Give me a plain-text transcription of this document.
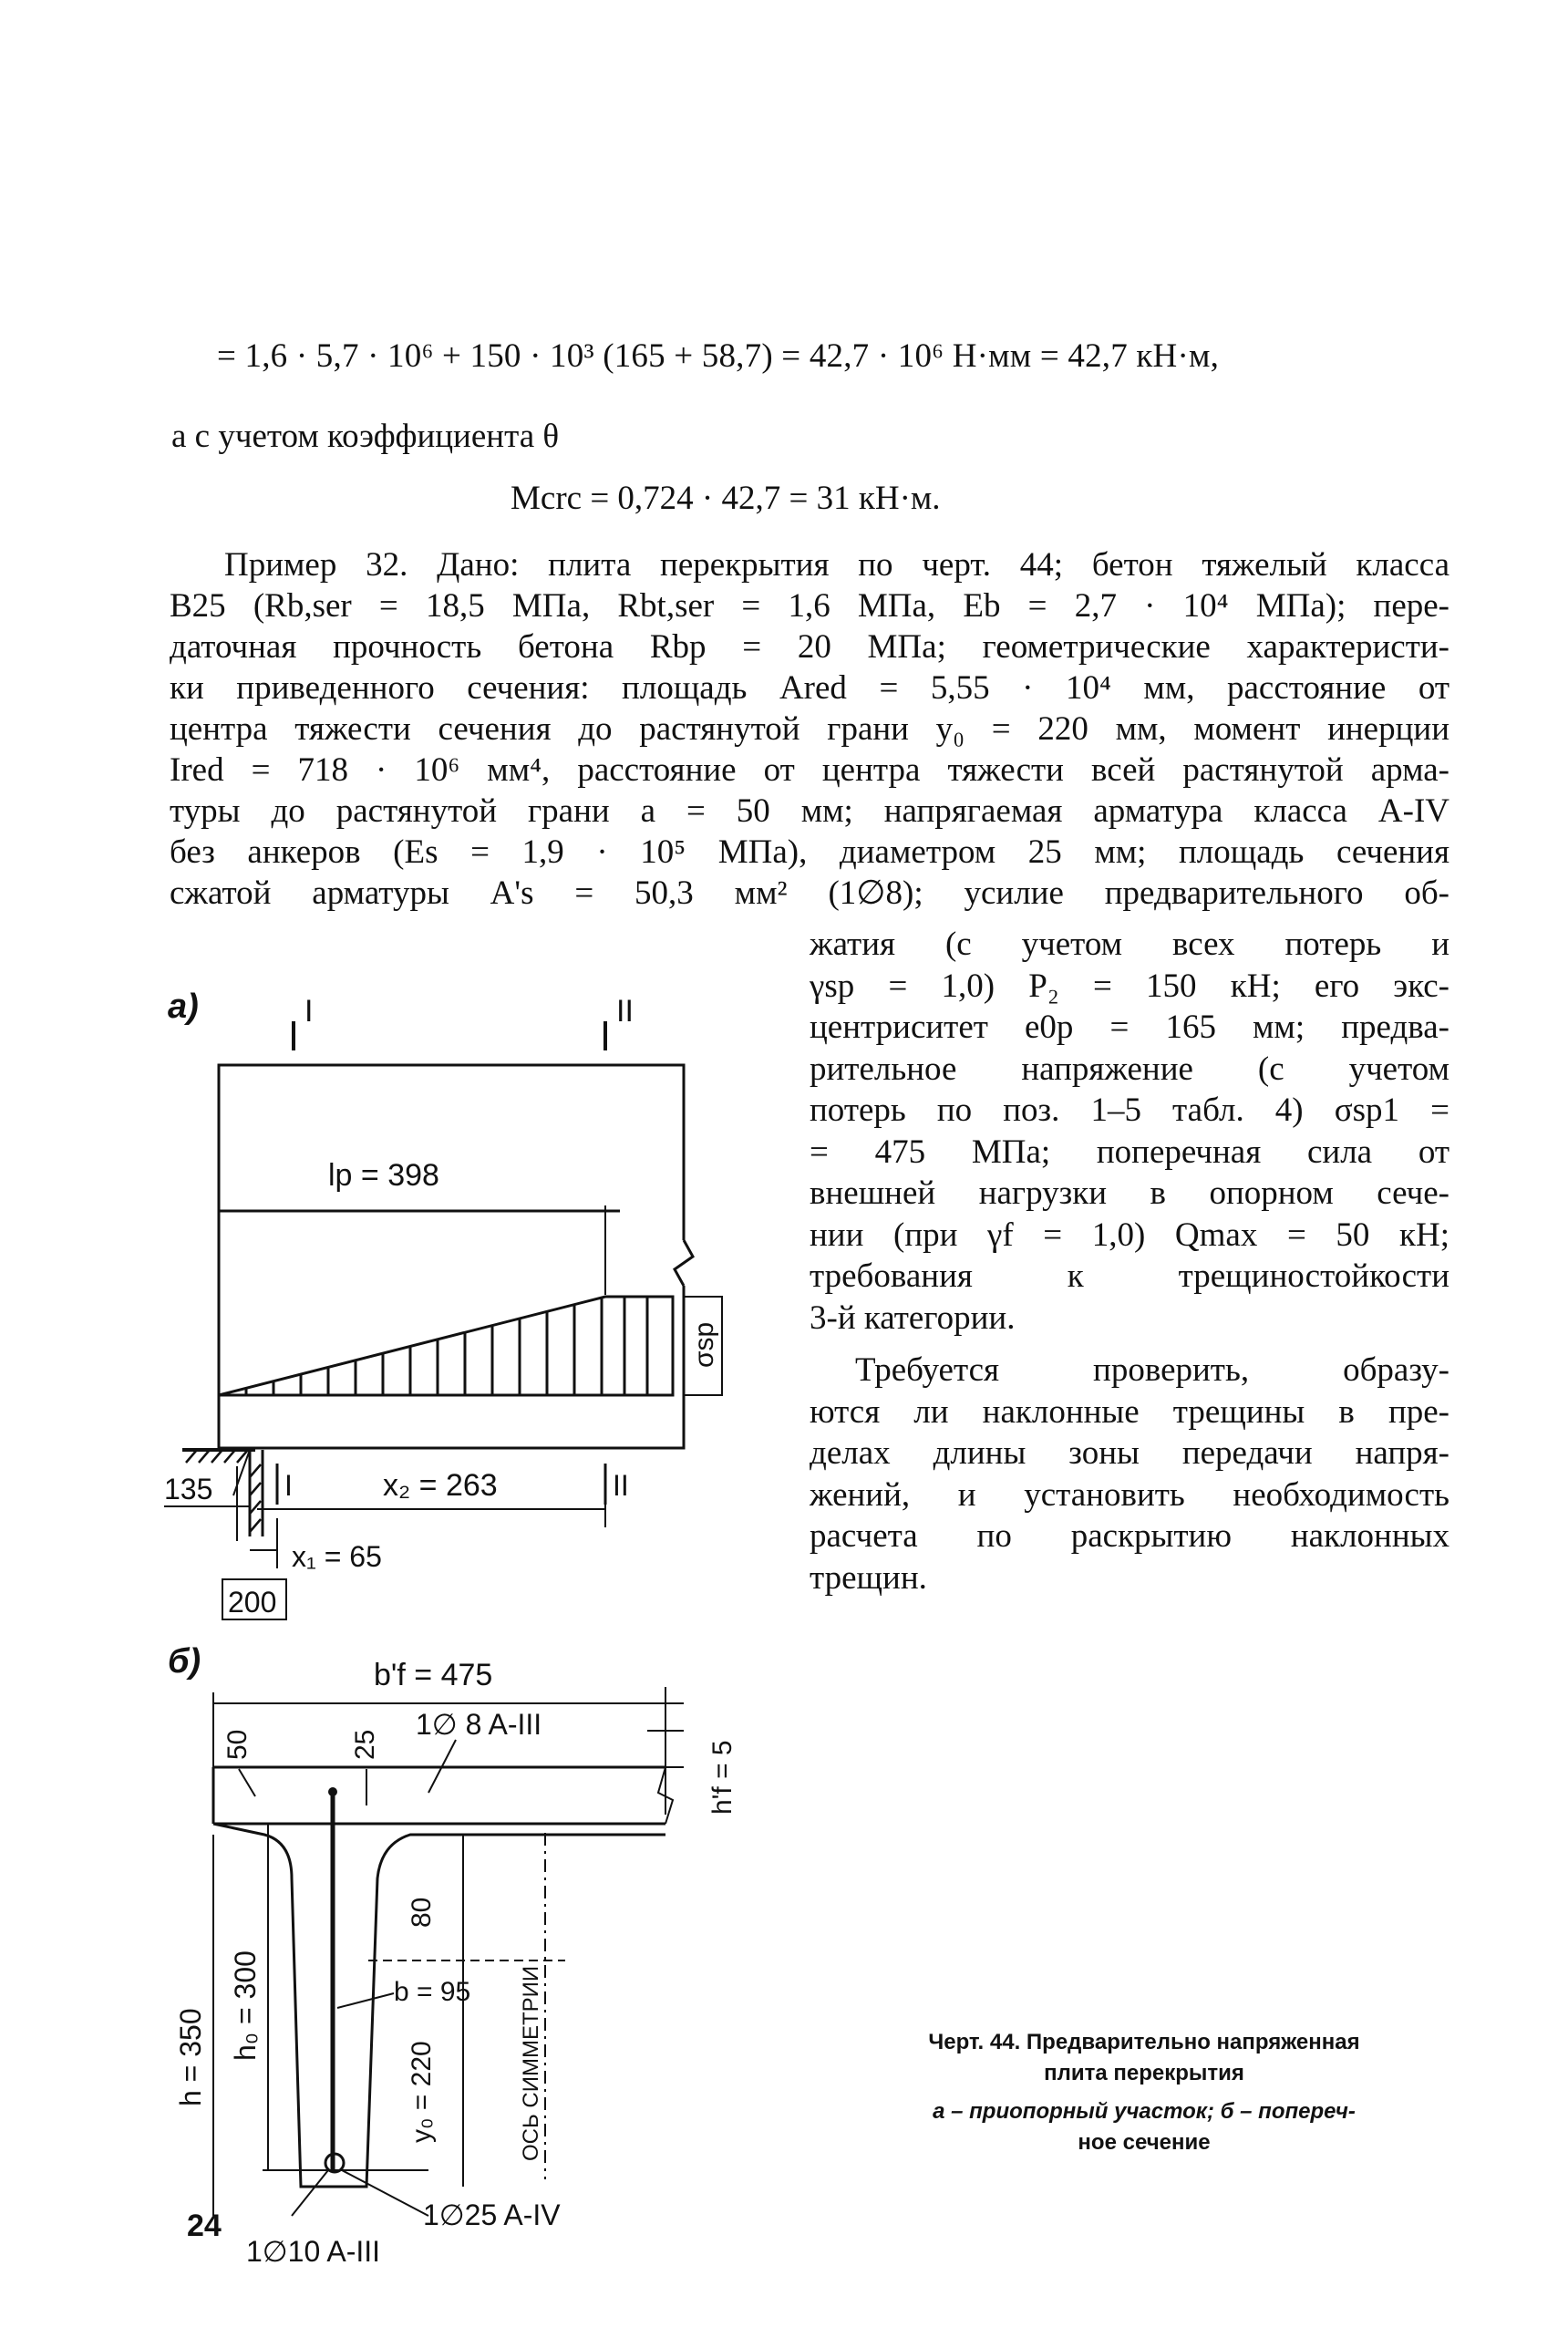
= 1,6 · 5,7 · 10⁶ + 150 · 10³ (165 + 58,7) = 42,7 · 10⁶ Н·мм = 42,7 кН·м,
а с учетом коэффициента θ
Mcrc = 0,724 · 42,7 = 31 кН·м.
Пример 32. Дано: плита перекрытия по черт. 44; бетон тяжелый класса
В25 (Rb,ser = 18,5 МПа, Rbt,ser = 1,6 МПа, Eb = 2,7 · 10⁴ МПа); пере-
даточная прочность бетона Rbp = 20 МПа; геометрические характеристи-
ки приведенного сечения: площадь Ared = 5,55 · 10⁴ мм, расстояние от
центра тяжести сечения до растянутой грани y₀ = 220 мм, момент инерции
Ired = 718 · 10⁶ мм⁴, расстояние от центра тяжести всей растянутой арма-
туры до растянутой грани a = 50 мм; напрягаемая арматура класса A-IV
без анкеров (Es = 1,9 · 10⁵ МПа), диаметром 25 мм; площадь сечения
сжатой арматуры A's = 50,3 мм² (1∅8); усилие предварительного об-
жатия (с учетом всех потерь и
γsp = 1,0) P₂ = 150 кН; его экс-
центриситет e0p = 165 мм; предва-
рительное напряжение (с учетом
потерь по поз. 1–5 табл. 4) σsp1 =
= 475 МПа; поперечная сила от
внешней нагрузки в опорном сече-
нии (при γf = 1,0) Qmax = 50 кН;
требования к трещиностойкости
3-й категории.
Требуется проверить, образу-
ются ли наклонные трещины в пре-
делах длины зоны передачи напря-
жений, и установить необходимость
расчета по раскрытию наклонных
трещин.
а)	I	II
lp = 398
σsp
135 I	II
x₂ = 263
x₁ = 65
200
б)	b'f = 475
h'f = 5
50	25
1∅ 8 A-III
h = 350 h₀ = 300
80
b = 95
y₀ = 220	ОСЬ СИММЕТРИИ
1∅10 A-III
1∅25 A-IV
Черт. 44. Предварительно напряженная
плита перекрытия
а – приопорный участок; б – попереч-
ное сечение
24
